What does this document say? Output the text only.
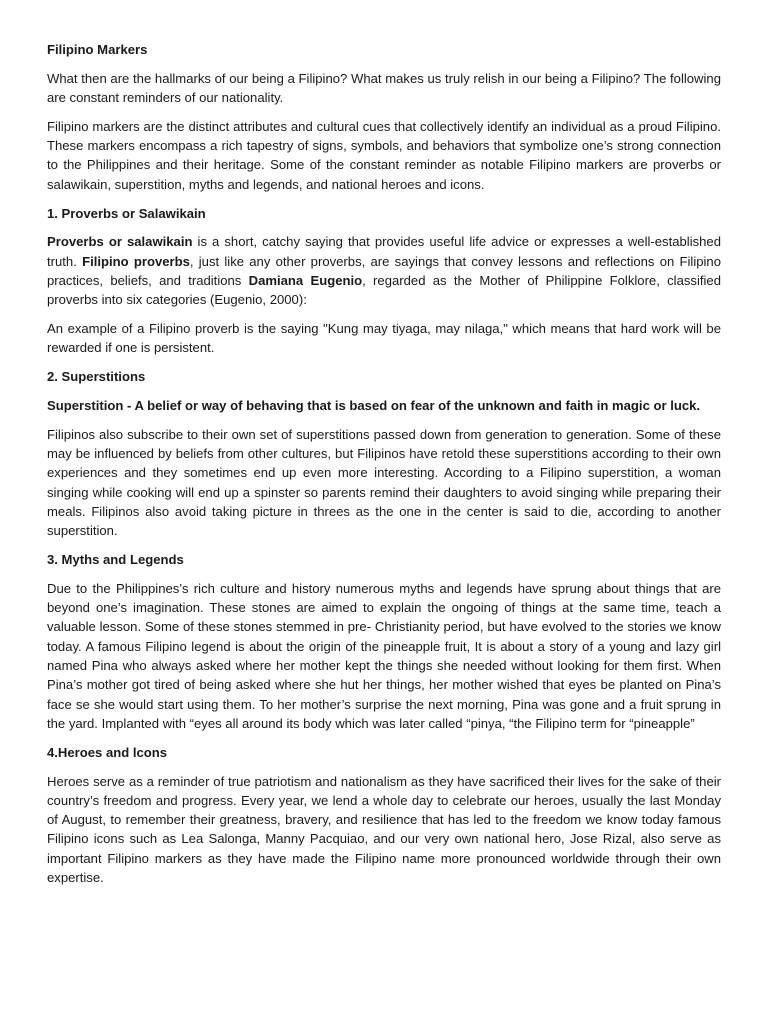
Filipino Markers

What then are the hallmarks of our being a Filipino? What makes us truly relish in our being a Filipino? The following are constant reminders of our nationality.

Filipino markers are the distinct attributes and cultural cues that collectively identify an individual as a proud Filipino. These markers encompass a rich tapestry of signs, symbols, and behaviors that symbolize one’s strong connection to the Philippines and their heritage. Some of the constant reminder as notable Filipino markers are proverbs or salawikain, superstition, myths and legends, and national heroes and icons.

1. Proverbs or Salawikain

Proverbs or salawikain is a short, catchy saying that provides useful life advice or expresses a well-established truth. Filipino proverbs, just like any other proverbs, are sayings that convey lessons and reflections on Filipino practices, beliefs, and traditions Damiana Eugenio, regarded as the Mother of Philippine Folklore, classified proverbs into six categories (Eugenio, 2000):

An example of a Filipino proverb is the saying "Kung may tiyaga, may nilaga," which means that hard work will be rewarded if one is persistent.

2. Superstitions

Superstition - A belief or way of behaving that is based on fear of the unknown and faith in magic or luck.

Filipinos also subscribe to their own set of superstitions passed down from generation to generation. Some of these may be influenced by beliefs from other cultures, but Filipinos have retold these superstitions according to their own experiences and they sometimes end up even more interesting. According to a Filipino superstition, a woman singing while cooking will end up a spinster so parents remind their daughters to avoid singing while preparing their meals. Filipinos also avoid taking picture in threes as the one in the center is said to die, according to another superstition.

3. Myths and Legends

Due to the Philippines’s rich culture and history numerous myths and legends have sprung about things that are beyond one’s imagination. These stones are aimed to explain the ongoing of things at the same time, teach a valuable lesson. Some of these stones stemmed in pre- Christianity period, but have evolved to the stories we know today. A famous Filipino legend is about the origin of the pineapple fruit, It is about a story of a young and lazy girl named Pina who always asked where her mother kept the things she needed without looking for them first. When Pina’s mother got tired of being asked where she hut her things, her mother wished that eyes be planted on Pina’s face se she would start using them. To her mother’s surprise the next morning, Pina was gone and a fruit sprung in the yard. Implanted with “eyes all around its body which was later called “pinya, “the Filipino term for “pineapple”

4.Heroes and lcons

Heroes serve as a reminder of true patriotism and nationalism as they have sacrificed their lives for the sake of their country’s freedom and progress. Every year, we lend a whole day to celebrate our heroes, usually the last Monday of August, to remember their greatness, bravery, and resilience that has led to the freedom we know today famous Filipino icons such as Lea Salonga, Manny Pacquiao, and our very own national hero, Jose Rizal, also serve as important Filipino markers as they have made the Filipino name more pronounced worldwide through their own expertise.
